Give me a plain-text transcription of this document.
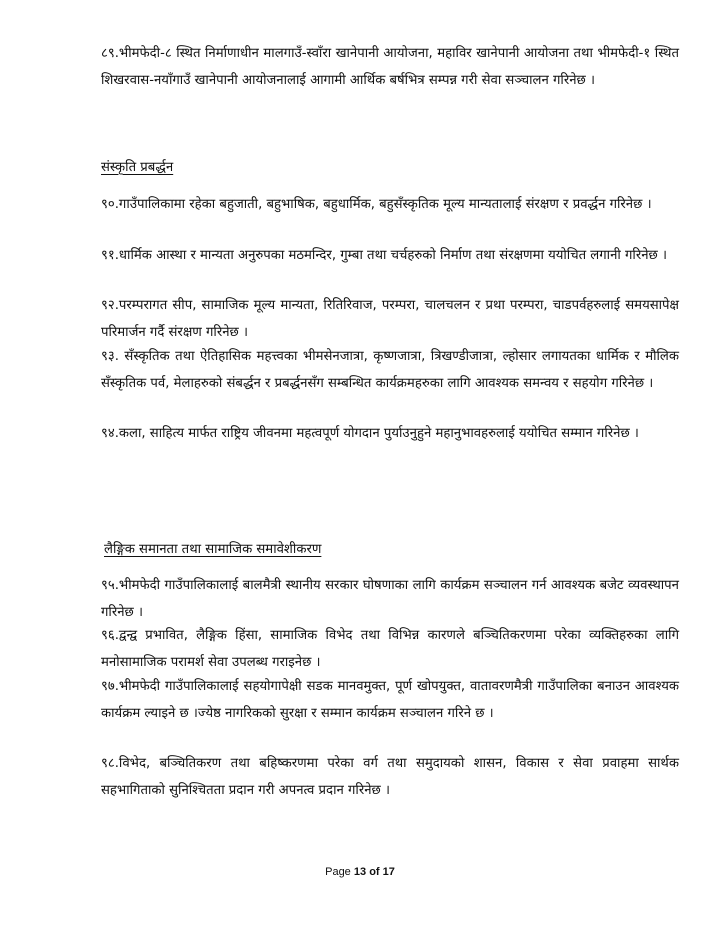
८९.भीमफेदी-८ स्थित निर्माणाधीन मालगाउँ-स्वाँरा खानेपानी आयोजना, महाविर खानेपानी आयोजना तथा भीमफेदी-१ स्थित शिखरवास-नयाँगाउँ खानेपानी आयोजनालाई आगामी आर्थिक बर्षभित्र सम्पन्न गरी सेवा सञ्चालन गरिनेछ ।

संस्कृति प्रबर्द्धन

९०.गाउँपालिकामा रहेका बहुजाती, बहुभाषिक, बहुधार्मिक, बहुसँस्कृतिक मूल्य मान्यतालाई संरक्षण र प्रवर्द्धन गरिनेछ ।

९१.धार्मिक आस्था र मान्यता अनुरुपका मठमन्दिर, गुम्बा तथा चर्चहरुको निर्माण तथा संरक्षणमा ययोचित लगानी गरिनेछ ।

९२.परम्परागत सीप, सामाजिक मूल्य मान्यता, रितिरिवाज, परम्परा, चालचलन र प्रथा परम्परा, चाडपर्वहरुलाई समयसापेक्ष परिमार्जन गर्दै संरक्षण गरिनेछ ।

९३. सँस्कृतिक तथा ऐतिहासिक महत्त्वका भीमसेनजात्रा, कृष्णजात्रा, त्रिखण्डीजात्रा, ल्होसार लगायतका धार्मिक र मौलिक सँस्कृतिक पर्व, मेलाहरुको संबर्द्धन र प्रबर्द्धनसँग सम्बन्धित कार्यक्रमहरुका लागि आवश्यक समन्वय र सहयोग गरिनेछ ।

९४.कला, साहित्य मार्फत राष्ट्रिय जीवनमा महत्वपूर्ण योगदान पुर्याउनुहुने महानुभावहरुलाई ययोचित सम्मान गरिनेछ ।

लैङ्गिक समानता तथा सामाजिक समावेशीकरण

९५.भीमफेदी गाउँपालिकालाई बालमैत्री स्थानीय सरकार घोषणाका लागि कार्यक्रम सञ्चालन गर्न आवश्यक बजेट व्यवस्थापन गरिनेछ ।

९६.द्वन्द्व प्रभावित, लैङ्गिक हिंसा, सामाजिक विभेद तथा विभिन्न कारणले बञ्चितिकरणमा परेका व्यक्तिहरुका लागि मनोसामाजिक परामर्श सेवा उपलब्ध गराइनेछ ।

९७.भीमफेदी गाउँपालिकालाई सहयोगापेक्षी सडक मानवमुक्त, पूर्ण खोपयुक्त, वातावरणमैत्री गाउँपालिका बनाउन आवश्यक कार्यक्रम ल्याइने छ ।ज्येष्ठ नागरिकको सुरक्षा र सम्मान कार्यक्रम सञ्चालन गरिने छ ।

९८.विभेद, बञ्चितिकरण तथा बहिष्करणमा परेका वर्ग तथा समुदायको शासन, विकास र सेवा प्रवाहमा सार्थक सहभागिताको सुनिश्चितता प्रदान गरी अपनत्व प्रदान गरिनेछ ।

Page 13 of 17
